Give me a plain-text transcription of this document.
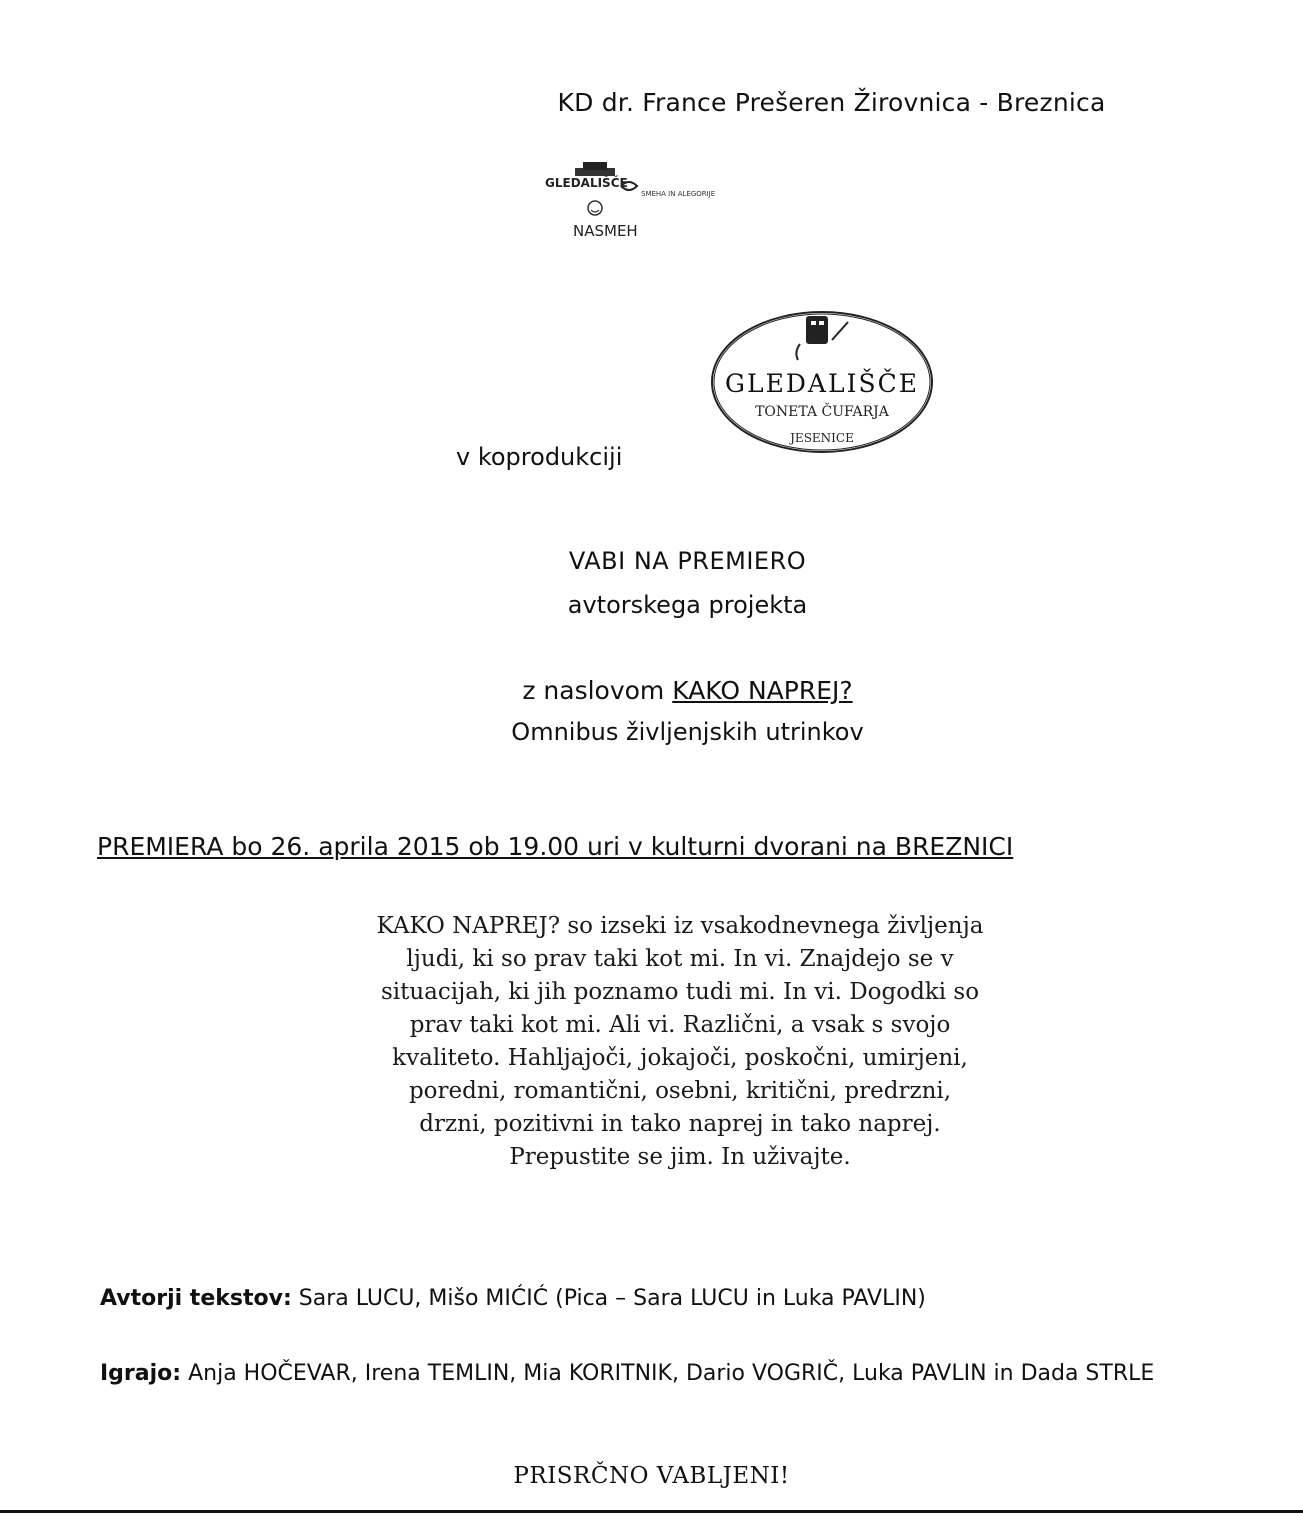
KD dr. France Prešeren Žirovnica - Breznica
GLEDALIŠČE
SMEHA IN ALEGORIJE
NASMEH
v koprodukciji
GLEDALIŠČE
TONETA ČUFARJA
JESENICE
VABI NA PREMIERO
avtorskega projekta
z naslovom KAKO NAPREJ?
Omnibus življenjskih utrinkov
PREMIERA bo 26. aprila 2015 ob 19.00 uri v kulturni dvorani na BREZNICI
KAKO NAPREJ? so izseki iz vsakodnevnega življenja
ljudi, ki so prav taki kot mi. In vi. Znajdejo se v
situacijah, ki jih poznamo tudi mi. In vi. Dogodki so
prav taki kot mi. Ali vi. Različni, a vsak s svojo
kvaliteto. Hahljajoči, jokajoči, poskočni, umirjeni,
poredni, romantični, osebni, kritični, predrzni,
drzni, pozitivni in tako naprej in tako naprej.
Prepustite se jim. In uživajte.
Avtorji tekstov: Sara LUCU, Mišo MIĆIĆ (Pica – Sara LUCU in Luka PAVLIN)
Igrajo: Anja HOČEVAR, Irena TEMLIN, Mia KORITNIK, Dario VOGRIČ, Luka PAVLIN in Dada STRLE
PRISRČNO VABLJENI!
